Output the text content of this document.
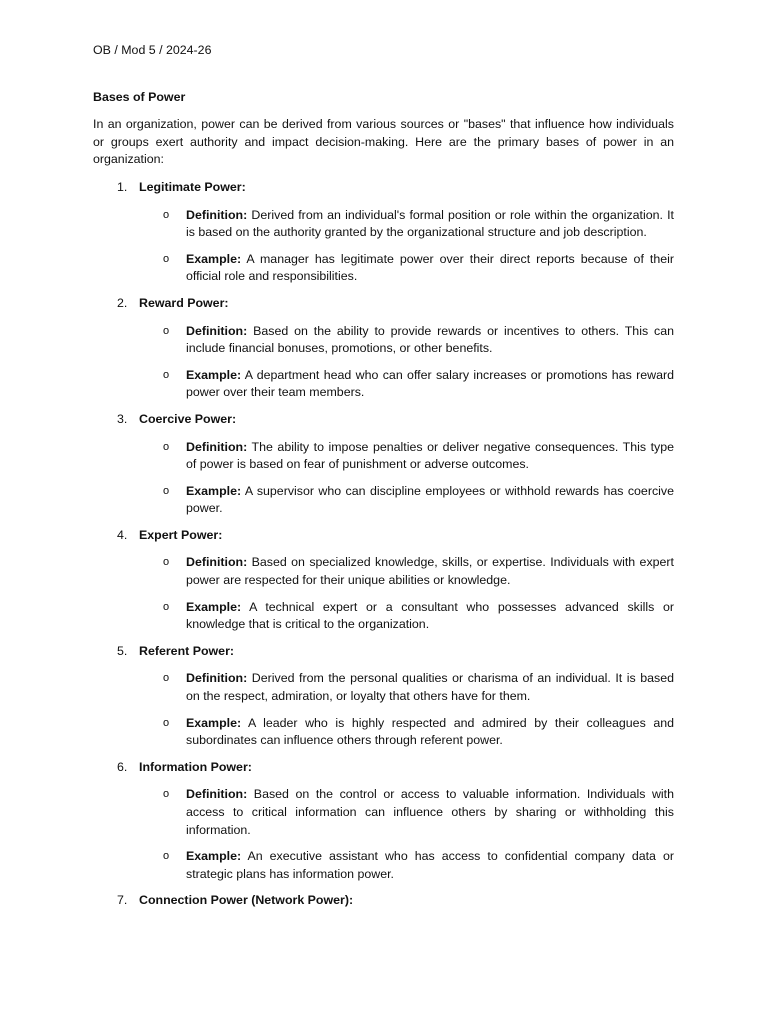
OB / Mod 5 / 2024-26
Bases of Power
In an organization, power can be derived from various sources or "bases" that influence how individuals or groups exert authority and impact decision-making. Here are the primary bases of power in an organization:
1. Legitimate Power:
o	Definition: Derived from an individual's formal position or role within the organization. It is based on the authority granted by the organizational structure and job description.
o	Example: A manager has legitimate power over their direct reports because of their official role and responsibilities.
2. Reward Power:
o	Definition: Based on the ability to provide rewards or incentives to others. This can include financial bonuses, promotions, or other benefits.
o	Example: A department head who can offer salary increases or promotions has reward power over their team members.
3. Coercive Power:
o	Definition: The ability to impose penalties or deliver negative consequences. This type of power is based on fear of punishment or adverse outcomes.
o	Example: A supervisor who can discipline employees or withhold rewards has coercive power.
4. Expert Power:
o	Definition: Based on specialized knowledge, skills, or expertise. Individuals with expert power are respected for their unique abilities or knowledge.
o	Example: A technical expert or a consultant who possesses advanced skills or knowledge that is critical to the organization.
5. Referent Power:
o	Definition: Derived from the personal qualities or charisma of an individual. It is based on the respect, admiration, or loyalty that others have for them.
o	Example: A leader who is highly respected and admired by their colleagues and subordinates can influence others through referent power.
6. Information Power:
o	Definition: Based on the control or access to valuable information. Individuals with access to critical information can influence others by sharing or withholding this information.
o	Example: An executive assistant who has access to confidential company data or strategic plans has information power.
7. Connection Power (Network Power):
